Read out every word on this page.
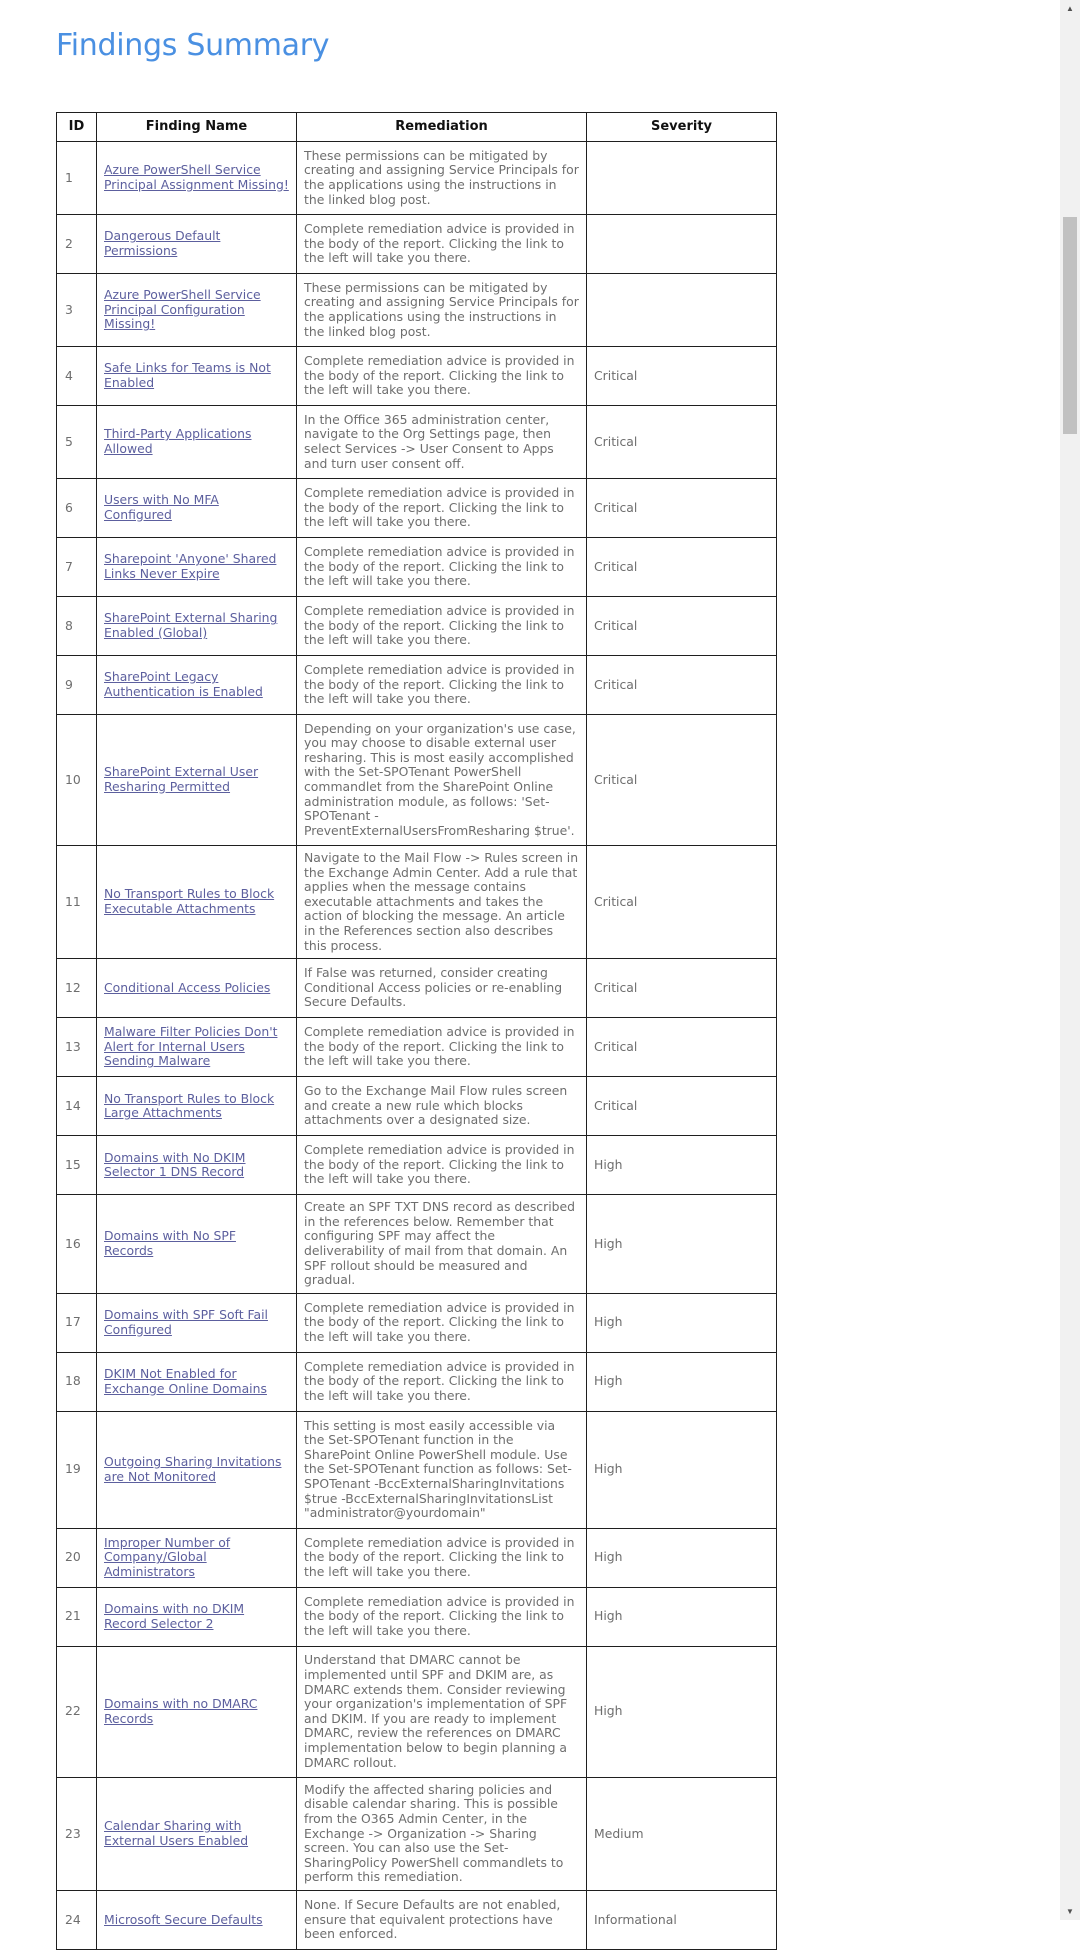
Findings Summary
ID	Finding Name	Remediation	Severity
1	Azure PowerShell Service Principal Assignment Missing!	These permissions can be mitigated by creating and assigning Service Principals for the applications using the instructions in the linked blog post.	
2	Dangerous Default Permissions	Complete remediation advice is provided in the body of the report. Clicking the link to the left will take you there.	
3	Azure PowerShell Service Principal Configuration Missing!	These permissions can be mitigated by creating and assigning Service Principals for the applications using the instructions in the linked blog post.	
4	Safe Links for Teams is Not Enabled	Complete remediation advice is provided in the body of the report. Clicking the link to the left will take you there.	Critical
5	Third-Party Applications Allowed	In the Office 365 administration center, navigate to the Org Settings page, then select Services -> User Consent to Apps and turn user consent off.	Critical
6	Users with No MFA Configured	Complete remediation advice is provided in the body of the report. Clicking the link to the left will take you there.	Critical
7	Sharepoint 'Anyone' Shared Links Never Expire	Complete remediation advice is provided in the body of the report. Clicking the link to the left will take you there.	Critical
8	SharePoint External Sharing Enabled (Global)	Complete remediation advice is provided in the body of the report. Clicking the link to the left will take you there.	Critical
9	SharePoint Legacy Authentication is Enabled	Complete remediation advice is provided in the body of the report. Clicking the link to the left will take you there.	Critical
10	SharePoint External User Resharing Permitted	Depending on your organization's use case, you may choose to disable external user resharing. This is most easily accomplished with the Set-SPOTenant PowerShell commandlet from the SharePoint Online administration module, as follows: 'Set-SPOTenant -PreventExternalUsersFromResharing $true'.	Critical
11	No Transport Rules to Block Executable Attachments	Navigate to the Mail Flow -> Rules screen in the Exchange Admin Center. Add a rule that applies when the message contains executable attachments and takes the action of blocking the message. An article in the References section also describes this process.	Critical
12	Conditional Access Policies	If False was returned, consider creating Conditional Access policies or re-enabling Secure Defaults.	Critical
13	Malware Filter Policies Don't Alert for Internal Users Sending Malware	Complete remediation advice is provided in the body of the report. Clicking the link to the left will take you there.	Critical
14	No Transport Rules to Block Large Attachments	Go to the Exchange Mail Flow rules screen and create a new rule which blocks attachments over a designated size.	Critical
15	Domains with No DKIM Selector 1 DNS Record	Complete remediation advice is provided in the body of the report. Clicking the link to the left will take you there.	High
16	Domains with No SPF Records	Create an SPF TXT DNS record as described in the references below. Remember that configuring SPF may affect the deliverability of mail from that domain. An SPF rollout should be measured and gradual.	High
17	Domains with SPF Soft Fail Configured	Complete remediation advice is provided in the body of the report. Clicking the link to the left will take you there.	High
18	DKIM Not Enabled for Exchange Online Domains	Complete remediation advice is provided in the body of the report. Clicking the link to the left will take you there.	High
19	Outgoing Sharing Invitations are Not Monitored	This setting is most easily accessible via the Set-SPOTenant function in the SharePoint Online PowerShell module. Use the Set-SPOTenant function as follows: Set-SPOTenant -BccExternalSharingInvitations $true -BccExternalSharingInvitationsList "administrator@yourdomain"	High
20	Improper Number of Company/Global Administrators	Complete remediation advice is provided in the body of the report. Clicking the link to the left will take you there.	High
21	Domains with no DKIM Record Selector 2	Complete remediation advice is provided in the body of the report. Clicking the link to the left will take you there.	High
22	Domains with no DMARC Records	Understand that DMARC cannot be implemented until SPF and DKIM are, as DMARC extends them. Consider reviewing your organization's implementation of SPF and DKIM. If you are ready to implement DMARC, review the references on DMARC implementation below to begin planning a DMARC rollout.	High
23	Calendar Sharing with External Users Enabled	Modify the affected sharing policies and disable calendar sharing. This is possible from the O365 Admin Center, in the Exchange -> Organization -> Sharing screen. You can also use the Set-SharingPolicy PowerShell commandlets to perform this remediation.	Medium
24	Microsoft Secure Defaults	None. If Secure Defaults are not enabled, ensure that equivalent protections have been enforced.	Informational
▲
▼
